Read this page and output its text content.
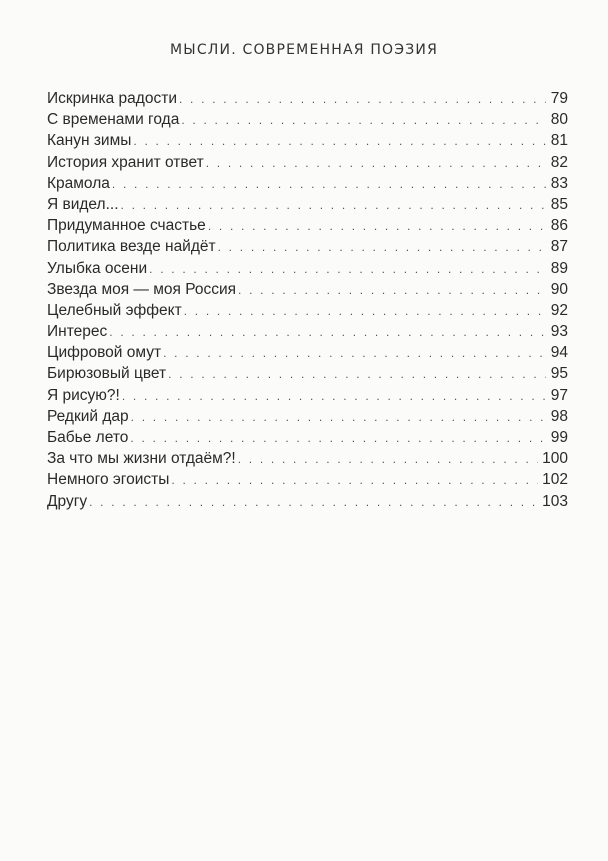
МЫСЛИ. СОВРЕМЕННАЯ ПОЭЗИЯ
Искринка радости . . .	79
С временами года . . .	80
Канун зимы . . .	81
История хранит ответ . . .	82
Крамола . . .	83
Я видел... . . .	85
Придуманное счастье . . .	86
Политика везде найдёт . . .	87
Улыбка осени . . .	89
Звезда моя — моя Россия . . .	90
Целебный эффект . . .	92
Интерес . . .	93
Цифровой омут . . .	94
Бирюзовый цвет . . .	95
Я рисую?! . . .	97
Редкий дар . . .	98
Бабье лето . . .	99
За что мы жизни отдаём?! . . .	100
Немного эгоисты . . .	102
Другу . . .	103
